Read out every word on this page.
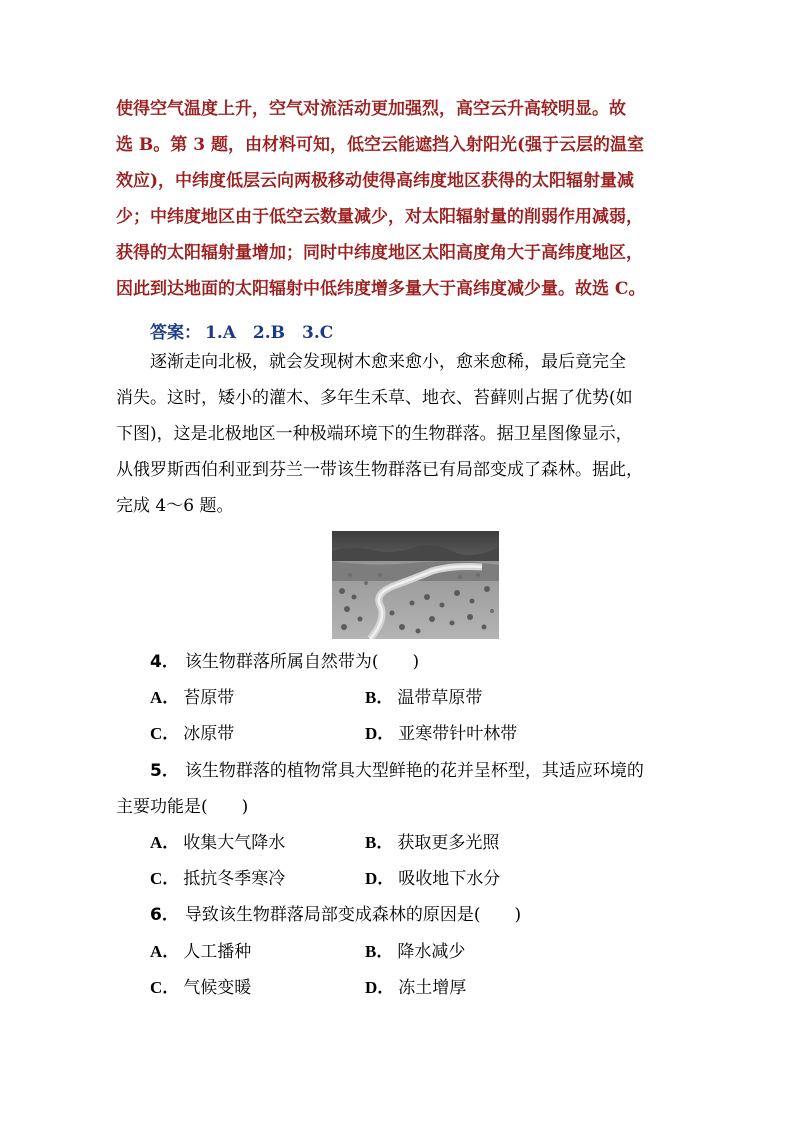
使得空气温度上升，空气对流活动更加强烈，高空云升高较明显。故
选 B。第 3 题，由材料可知，低空云能遮挡入射阳光(强于云层的温室
效应)，中纬度低层云向两极移动使得高纬度地区获得的太阳辐射量减
少；中纬度地区由于低空云数量减少，对太阳辐射量的削弱作用减弱，
获得的太阳辐射量增加；同时中纬度地区太阳高度角大于高纬度地区，
因此到达地面的太阳辐射中低纬度增多量大于高纬度减少量。故选 C。
答案： 1.A　2.B　3.C
逐渐走向北极，就会发现树木愈来愈小，愈来愈稀，最后竟完全
消失。这时，矮小的灌木、多年生禾草、地衣、苔藓则占据了优势(如
下图)，这是北极地区一种极端环境下的生物群落。据卫星图像显示，
从俄罗斯西伯利亚到芬兰一带该生物群落已有局部变成了森林。据此，
完成 4～6 题。
4． 该生物群落所属自然带为(　　)
A． 苔原带	B． 温带草原带
C． 冰原带	D． 亚寒带针叶林带
5． 该生物群落的植物常具大型鲜艳的花并呈杯型，其适应环境的
主要功能是(　　)
A． 收集大气降水	B． 获取更多光照
C． 抵抗冬季寒冷	D． 吸收地下水分
6． 导致该生物群落局部变成森林的原因是(　　)
A． 人工播种	B． 降水减少
C． 气候变暖	D． 冻土增厚
